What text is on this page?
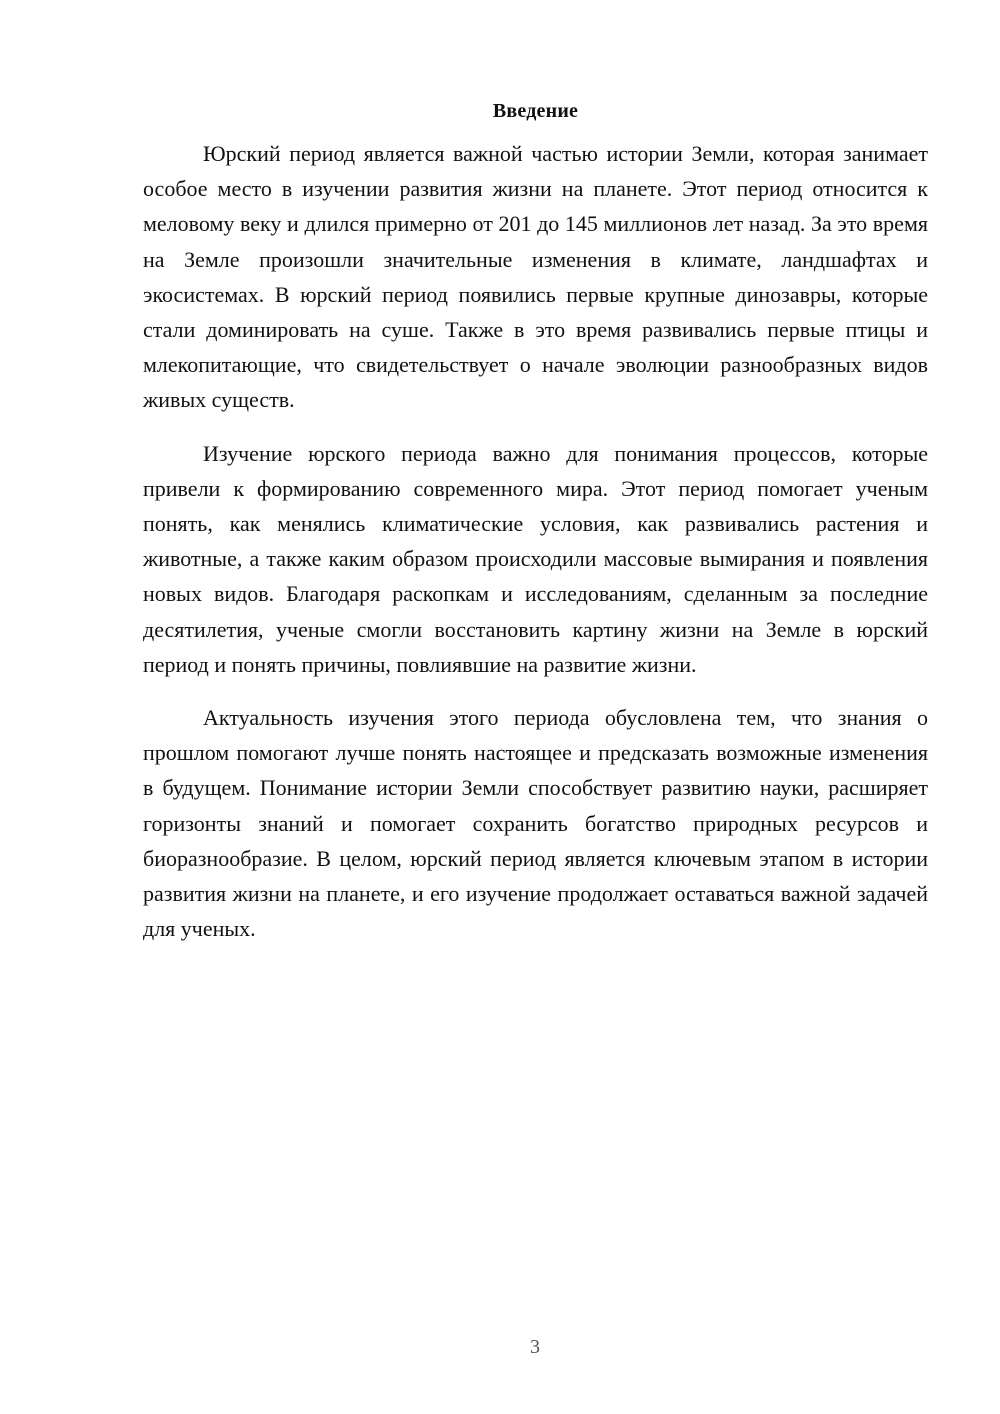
Введение

Юрский период является важной частью истории Земли, которая занимает особое место в изучении развития жизни на планете. Этот период относится к меловому веку и длился примерно от 201 до 145 миллионов лет назад. За это время на Земле произошли значительные изменения в климате, ландшафтах и экосистемах. В юрский период появились первые крупные динозавры, которые стали доминировать на суше. Также в это время развивались первые птицы и млекопитающие, что свидетельствует о начале эволюции разнообразных видов живых существ.

Изучение юрского периода важно для понимания процессов, которые привели к формированию современного мира. Этот период помогает ученым понять, как менялись климатические условия, как развивались растения и животные, а также каким образом происходили массовые вымирания и появления новых видов. Благодаря раскопкам и исследованиям, сделанным за последние десятилетия, ученые смогли восстановить картину жизни на Земле в юрский период и понять причины, повлиявшие на развитие жизни.

Актуальность изучения этого периода обусловлена тем, что знания о прошлом помогают лучше понять настоящее и предсказать возможные изменения в будущем. Понимание истории Земли способствует развитию науки, расширяет горизонты знаний и помогает сохранить богатство природных ресурсов и биоразнообразие. В целом, юрский период является ключевым этапом в истории развития жизни на планете, и его изучение продолжает оставаться важной задачей для ученых.

3
